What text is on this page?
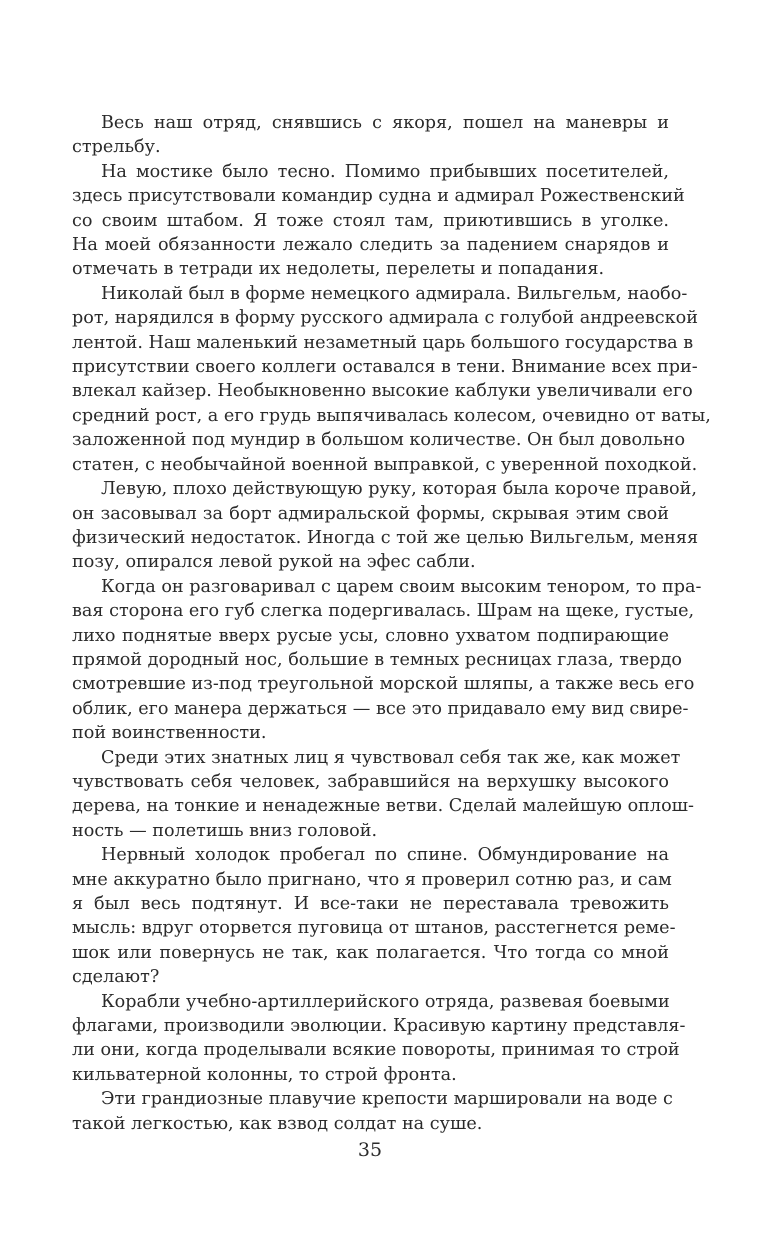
Весь наш отряд, снявшись с якоря, пошел на маневры и
стрельбу.
На мостике было тесно. Помимо прибывших посетителей,
здесь присутствовали командир судна и адмирал Рожественский
со своим штабом. Я тоже стоял там, приютившись в уголке.
На моей обязанности лежало следить за падением снарядов и
отмечать в тетради их недолеты, перелеты и попадания.
Николай был в форме немецкого адмирала. Вильгельм, наобо-
рот, нарядился в форму русского адмирала с голубой андреевской
лентой. Наш маленький незаметный царь большого государства в
присутствии своего коллеги оставался в тени. Внимание всех при-
влекал кайзер. Необыкновенно высокие каблуки увеличивали его
средний рост, а его грудь выпячивалась колесом, очевидно от ваты,
заложенной под мундир в большом количестве. Он был довольно
статен, с необычайной военной выправкой, с уверенной походкой.
Левую, плохо действующую руку, которая была короче правой,
он засовывал за борт адмиральской формы, скрывая этим свой
физический недостаток. Иногда с той же целью Вильгельм, меняя
позу, опирался левой рукой на эфес сабли.
Когда он разговаривал с царем своим высоким тенором, то пра-
вая сторона его губ слегка подергивалась. Шрам на щеке, густые,
лихо поднятые вверх русые усы, словно ухватом подпирающие
прямой дородный нос, большие в темных ресницах глаза, твердо
смотревшие из-под треугольной морской шляпы, а также весь его
облик, его манера держаться — все это придавало ему вид свире-
пой воинственности.
Среди этих знатных лиц я чувствовал себя так же, как может
чувствовать себя человек, забравшийся на верхушку высокого
дерева, на тонкие и ненадежные ветви. Сделай малейшую оплош-
ность — полетишь вниз головой.
Нервный холодок пробегал по спине. Обмундирование на
мне аккуратно было пригнано, что я проверил сотню раз, и сам
я был весь подтянут. И все-таки не переставала тревожить
мысль: вдруг оторвется пуговица от штанов, расстегнется реме-
шок или повернусь не так, как полагается. Что тогда со мной
сделают?
Корабли учебно-артиллерийского отряда, развевая боевыми
флагами, производили эволюции. Красивую картину представля-
ли они, когда проделывали всякие повороты, принимая то строй
кильватерной колонны, то строй фронта.
Эти грандиозные плавучие крепости маршировали на воде с
такой легкостью, как взвод солдат на суше.
35
